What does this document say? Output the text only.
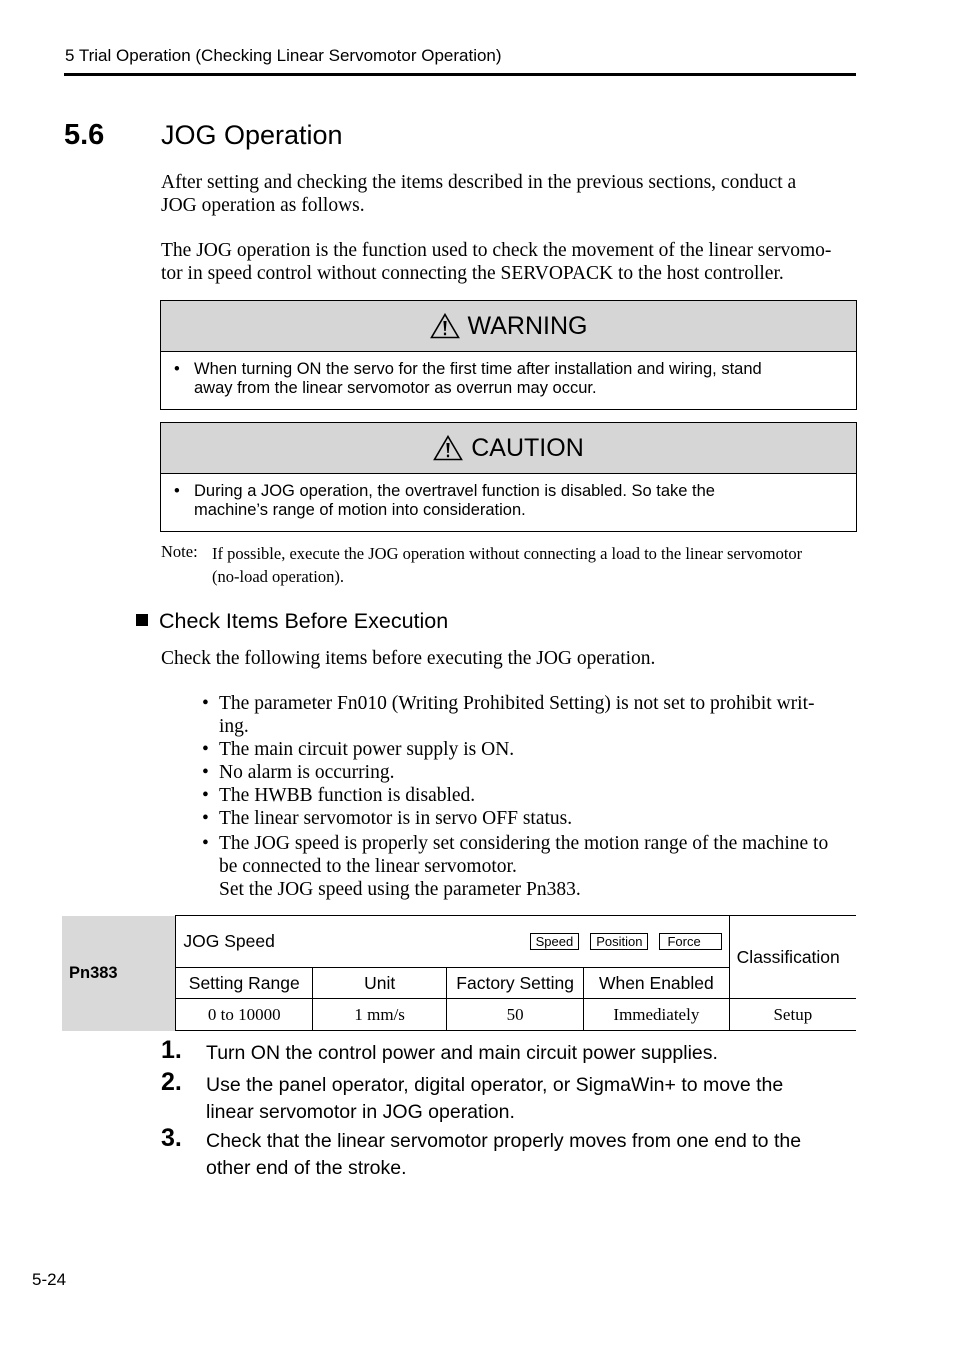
5 Trial Operation (Checking Linear Servomotor Operation)
5.6 JOG Operation
After setting and checking the items described in the previous sections, conduct a
JOG operation as follows.
The JOG operation is the function used to check the movement of the linear servomo-
tor in speed control without connecting the SERVOPACK to the host controller.
WARNING
• When turning ON the servo for the first time after installation and wiring, stand
away from the linear servomotor as overrun may occur.
CAUTION
• During a JOG operation, the overtravel function is disabled. So take the
machine’s range of motion into consideration.
Note: If possible, execute the JOG operation without connecting a load to the linear servomotor
(no-load operation).
Check Items Before Execution
Check the following items before executing the JOG operation.
• The parameter Fn010 (Writing Prohibited Setting) is not set to prohibit writ-
ing.
• The main circuit power supply is ON.
• No alarm is occurring.
• The HWBB function is disabled.
• The linear servomotor is in servo OFF status.
• The JOG speed is properly set considering the motion range of the machine to
be connected to the linear servomotor.
Set the JOG speed using the parameter Pn383.
Pn383	JOG Speed Speed Position Force				Classification
	Setting Range	Unit	Factory Setting	When Enabled	
	0 to 10000	1 mm/s	50	Immediately	Setup
1. Turn ON the control power and main circuit power supplies.
2. Use the panel operator, digital operator, or SigmaWin+ to move the
linear servomotor in JOG operation.
3. Check that the linear servomotor properly moves from one end to the
other end of the stroke.
5-24
